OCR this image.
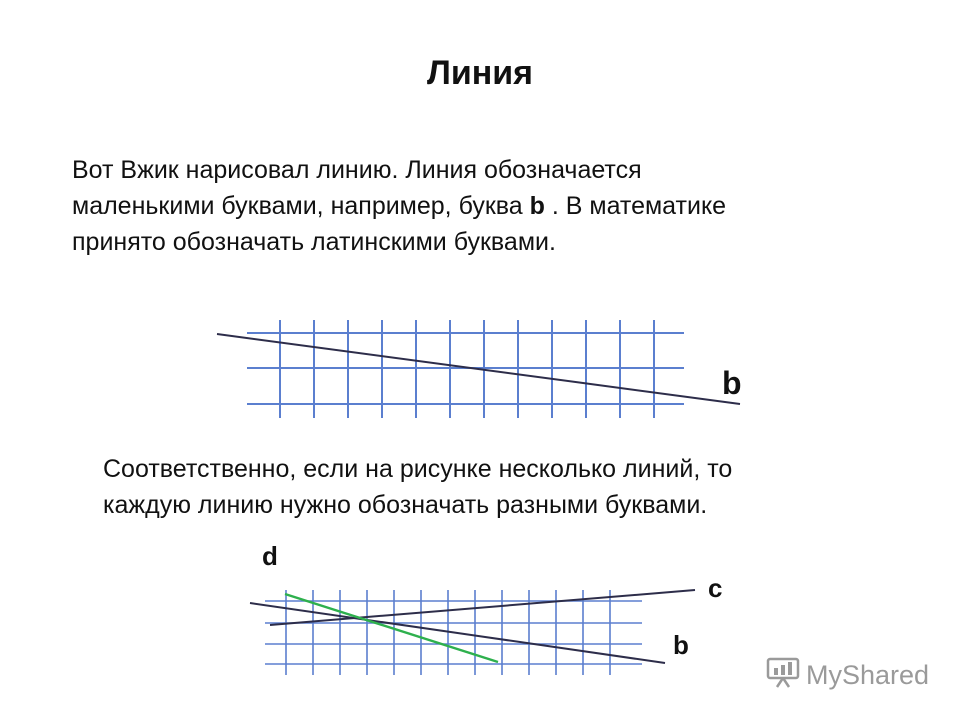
Линия
Вот Вжик нарисовал линию. Линия обозначается
маленькими буквами, например, буква b . В математике
принято обозначать латинскими буквами.
Соответственно, если на рисунке несколько линий, то
каждую линию нужно обозначать разными буквами.
b
d
c
b
MyShared
